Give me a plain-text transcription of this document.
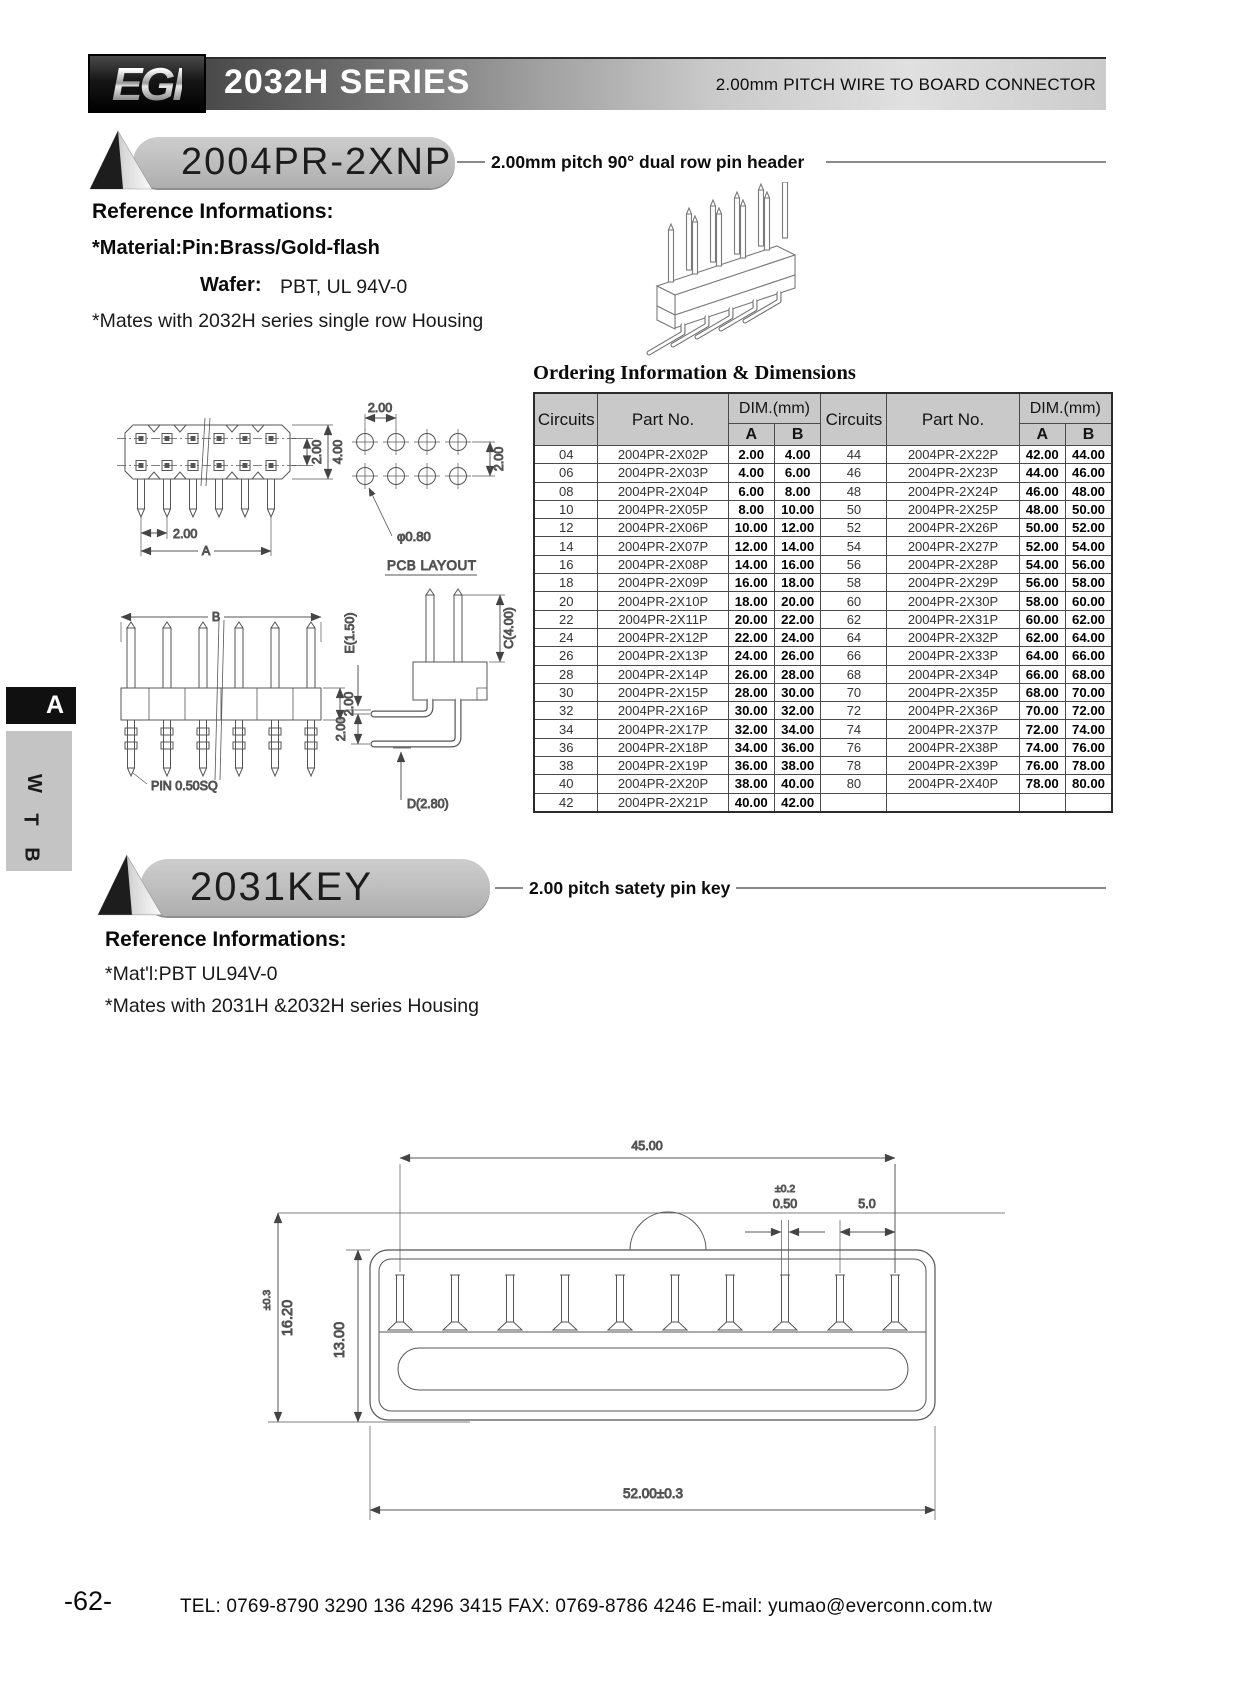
EGI 2032H SERIES	2.00mm PITCH WIRE TO BOARD CONNECTOR
2004PR-2XNP 2.00mm pitch 90° dual row pin header
Reference Informations:
*Material:Pin:Brass/Gold-flash
Wafer: PBT, UL 94V-0
*Mates with 2032H series single row Housing
Ordering Information & Dimensions
Circuits	Part No.	DIM.(mm)		Circuits	Part No.	DIM.(mm)	
		A	B			A	B
04	2004PR-2X02P	2.00	4.00	44	2004PR-2X22P	42.00	44.00
06	2004PR-2X03P	4.00	6.00	46	2004PR-2X23P	44.00	46.00
08	2004PR-2X04P	6.00	8.00	48	2004PR-2X24P	46.00	48.00
10	2004PR-2X05P	8.00	10.00	50	2004PR-2X25P	48.00	50.00
12	2004PR-2X06P	10.00	12.00	52	2004PR-2X26P	50.00	52.00
14	2004PR-2X07P	12.00	14.00	54	2004PR-2X27P	52.00	54.00
16	2004PR-2X08P	14.00	16.00	56	2004PR-2X28P	54.00	56.00
18	2004PR-2X09P	16.00	18.00	58	2004PR-2X29P	56.00	58.00
20	2004PR-2X10P	18.00	20.00	60	2004PR-2X30P	58.00	60.00
22	2004PR-2X11P	20.00	22.00	62	2004PR-2X31P	60.00	62.00
24	2004PR-2X12P	22.00	24.00	64	2004PR-2X32P	62.00	64.00
26	2004PR-2X13P	24.00	26.00	66	2004PR-2X33P	64.00	66.00
28	2004PR-2X14P	26.00	28.00	68	2004PR-2X34P	66.00	68.00
30	2004PR-2X15P	28.00	30.00	70	2004PR-2X35P	68.00	70.00
32	2004PR-2X16P	30.00	32.00	72	2004PR-2X36P	70.00	72.00
34	2004PR-2X17P	32.00	34.00	74	2004PR-2X37P	72.00	74.00
36	2004PR-2X18P	34.00	36.00	76	2004PR-2X38P	74.00	76.00
38	2004PR-2X19P	36.00	38.00	78	2004PR-2X39P	76.00	78.00
40	2004PR-2X20P	38.00	40.00	80	2004PR-2X40P	78.00	80.00
42	2004PR-2X21P	40.00	42.00				
2.00 4.00
2.00
A
2.00
2.00
φ0.80
PCB LAYOUT
B
2.00
PIN 0.50SQ
E(1.50)
2.00
C(4.00)
D(2.80)
A
W
T
B
2031KEY	2.00 pitch satety pin key
Reference Informations:
*Mat'l:PBT UL94V-0
*Mates with 2031H &2032H series Housing
45.00
±0.2
0.50	5.0
±0.3 16.20
13.00
52.00±0.3
-62-	TEL: 0769-8790 3290 136 4296 3415 FAX: 0769-8786 4246 E-mail: yumao@everconn.com.tw
